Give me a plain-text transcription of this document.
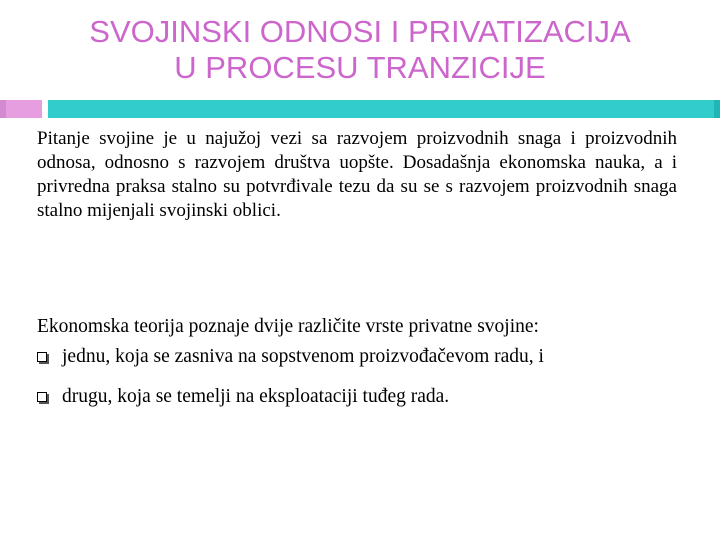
SVOJINSKI ODNOSI I PRIVATIZACIJA
U PROCESU TRANZICIJE
Pitanje svojine je u najužoj vezi sa razvojem proizvodnih snaga i proizvodnih odnosa, odnosno s razvojem društva uopšte. Dosadašnja ekonomska nauka, a i privredna praksa stalno su potvrđivale tezu da su se s razvojem proizvodnih snaga stalno mijenjali svojinski oblici.
Ekonomska teorija poznaje dvije različite vrste privatne svojine:
jednu, koja se zasniva na sopstvenom proizvođačevom radu, i
drugu, koja se temelji na eksploataciji tuđeg rada.
